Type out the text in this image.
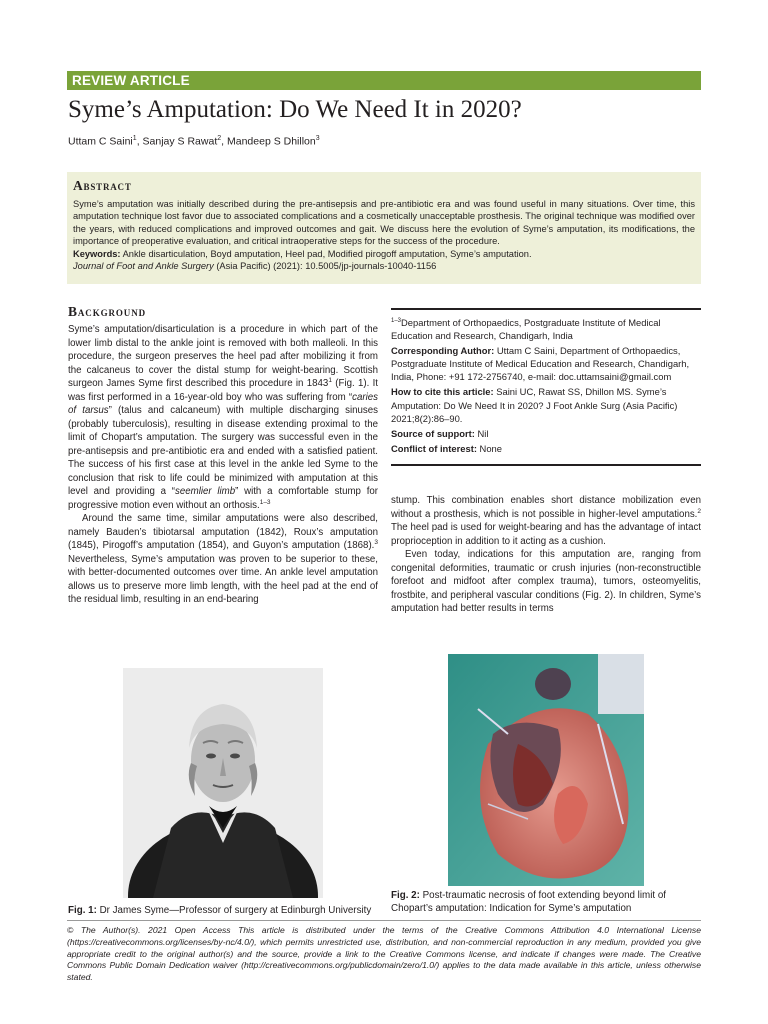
REVIEW ARTICLE
Syme’s Amputation: Do We Need It in 2020?
Uttam C Saini$^1$, Sanjay S Rawat$^2$, Mandeep S Dhillon$^3$
Abstract
Syme’s amputation was initially described during the pre-antisepsis and pre-antibiotic era and was found useful in many situations. Over time, this amputation technique lost favor due to associated complications and a cosmetically unacceptable prosthesis. The original technique was modified over the years, with reduced complications and improved outcomes and gait. We discuss here the evolution of Syme’s amputation, its modifications, the importance of preoperative evaluation, and critical intraoperative steps for the success of the procedure.
Keywords: Ankle disarticulation, Boyd amputation, Heel pad, Modified pirogoff amputation, Syme’s amputation.
Journal of Foot and Ankle Surgery (Asia Pacific) (2021): 10.5005/jp-journals-10040-1156
Background

Syme’s amputation/disarticulation is a procedure in which part of the lower limb distal to the ankle joint is removed with both malleoli. In this procedure, the surgeon preserves the heel pad after mobilizing it from the calcaneus to cover the distal stump for weight-bearing. Scottish surgeon James Syme first described this procedure in 1843$^1$ (Fig. 1). It was first performed in a 16-year-old boy who was suffering from “caries of tarsus” (talus and calcaneum) with multiple discharging sinuses (probably tuberculosis), resulting in disease extending proximal to the limit of Chopart’s amputation. The surgery was successful even in the pre-antisepsis and pre-antibiotic era and ended with a satisfied patient. The success of his first case at this level in the ankle led Syme to the conclusion that risk to life could be minimized with amputation at this level and providing a “seemlier limb” with a comfortable stump for progressive motion even without an orthosis.$^{1-3}$

Around the same time, similar amputations were also described, namely Bauden’s tibiotarsal amputation (1842), Roux’s amputation (1845), Pirogoff’s amputation (1854), and Guyon’s amputation (1868).$^3$ Nevertheless, Syme’s amputation was proven to be superior to these, with better-documented outcomes over time. An ankle level amputation allows us to preserve more limb length, with the heel pad at the end of the residual limb, resulting in an end-bearing

$^{1-3}$Department of Orthopaedics, Postgraduate Institute of Medical Education and Research, Chandigarh, India

Corresponding Author: Uttam C Saini, Department of Orthopaedics, Postgraduate Institute of Medical Education and Research, Chandigarh, India, Phone: +91 172-2756740, e-mail: doc.uttamsaini@gmail.com

How to cite this article: Saini UC, Rawat SS, Dhillon MS. Syme’s Amputation: Do We Need It in 2020? J Foot Ankle Surg (Asia Pacific) 2021;8(2):86–90.

Source of support: Nil

Conflict of interest: None

stump. This combination enables short distance mobilization even without a prosthesis, which is not possible in higher-level amputations.$^2$ The heel pad is used for weight-bearing and has the advantage of intact proprioception in addition to it acting as a cushion.

Even today, indications for this amputation are, ranging from congenital deformities, traumatic or crush injuries (non-reconstructible forefoot and midfoot after complex trauma), tumors, osteomyelitis, frostbite, and peripheral vascular conditions (Fig. 2). In children, Syme’s amputation had better results in terms

Fig. 1: Dr James Syme—Professor of surgery at Edinburgh University
Fig. 2: Post-traumatic necrosis of foot extending beyond limit of Chopart’s amputation: Indication for Syme’s amputation
© The Author(s). 2021 Open Access This article is distributed under the terms of the Creative Commons Attribution 4.0 International License (https://creativecommons.org/licenses/by-nc/4.0/), which permits unrestricted use, distribution, and non-commercial reproduction in any medium, provided you give appropriate credit to the original author(s) and the source, provide a link to the Creative Commons license, and indicate if changes were made. The Creative Commons Public Domain Dedication waiver (http://creativecommons.org/publicdomain/zero/1.0/) applies to the data made available in this article, unless otherwise stated.
